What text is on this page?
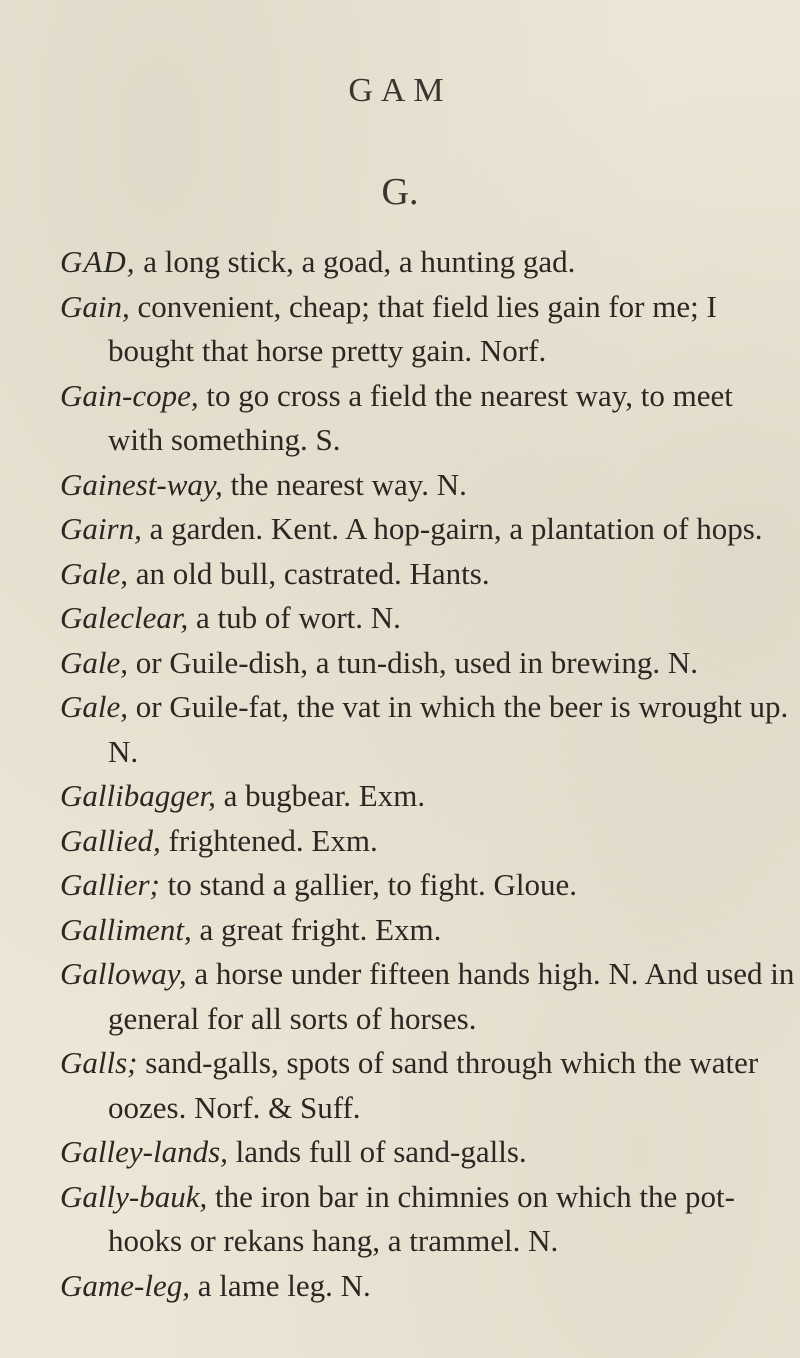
GAM
G.

GAD, a long stick, a goad, a hunting gad.

Gain, convenient, cheap; that field lies gain for me; I bought that horse pretty gain. Norf.

Gain-cope, to go cross a field the nearest way, to meet with something. S.

Gainest-way, the nearest way. N.

Gairn, a garden. Kent. A hop-gairn, a plantation of hops.

Gale, an old bull, castrated. Hants.

Galeclear, a tub of wort. N.

Gale, or Guile-dish, a tun-dish, used in brewing. N.

Gale, or Guile-fat, the vat in which the beer is wrought up. N.

Gallibagger, a bugbear. Exm.

Gallied, frightened. Exm.

Gallier; to stand a gallier, to fight. Gloue.

Galliment, a great fright. Exm.

Galloway, a horse under fifteen hands high. N. And used in general for all sorts of horses.

Galls; sand-galls, spots of sand through which the water oozes. Norf. & Suff.

Galley-lands, lands full of sand-galls.

Gally-bauk, the iron bar in chimnies on which the pot-hooks or rekans hang, a trammel. N.

Game-leg, a lame leg. N.
